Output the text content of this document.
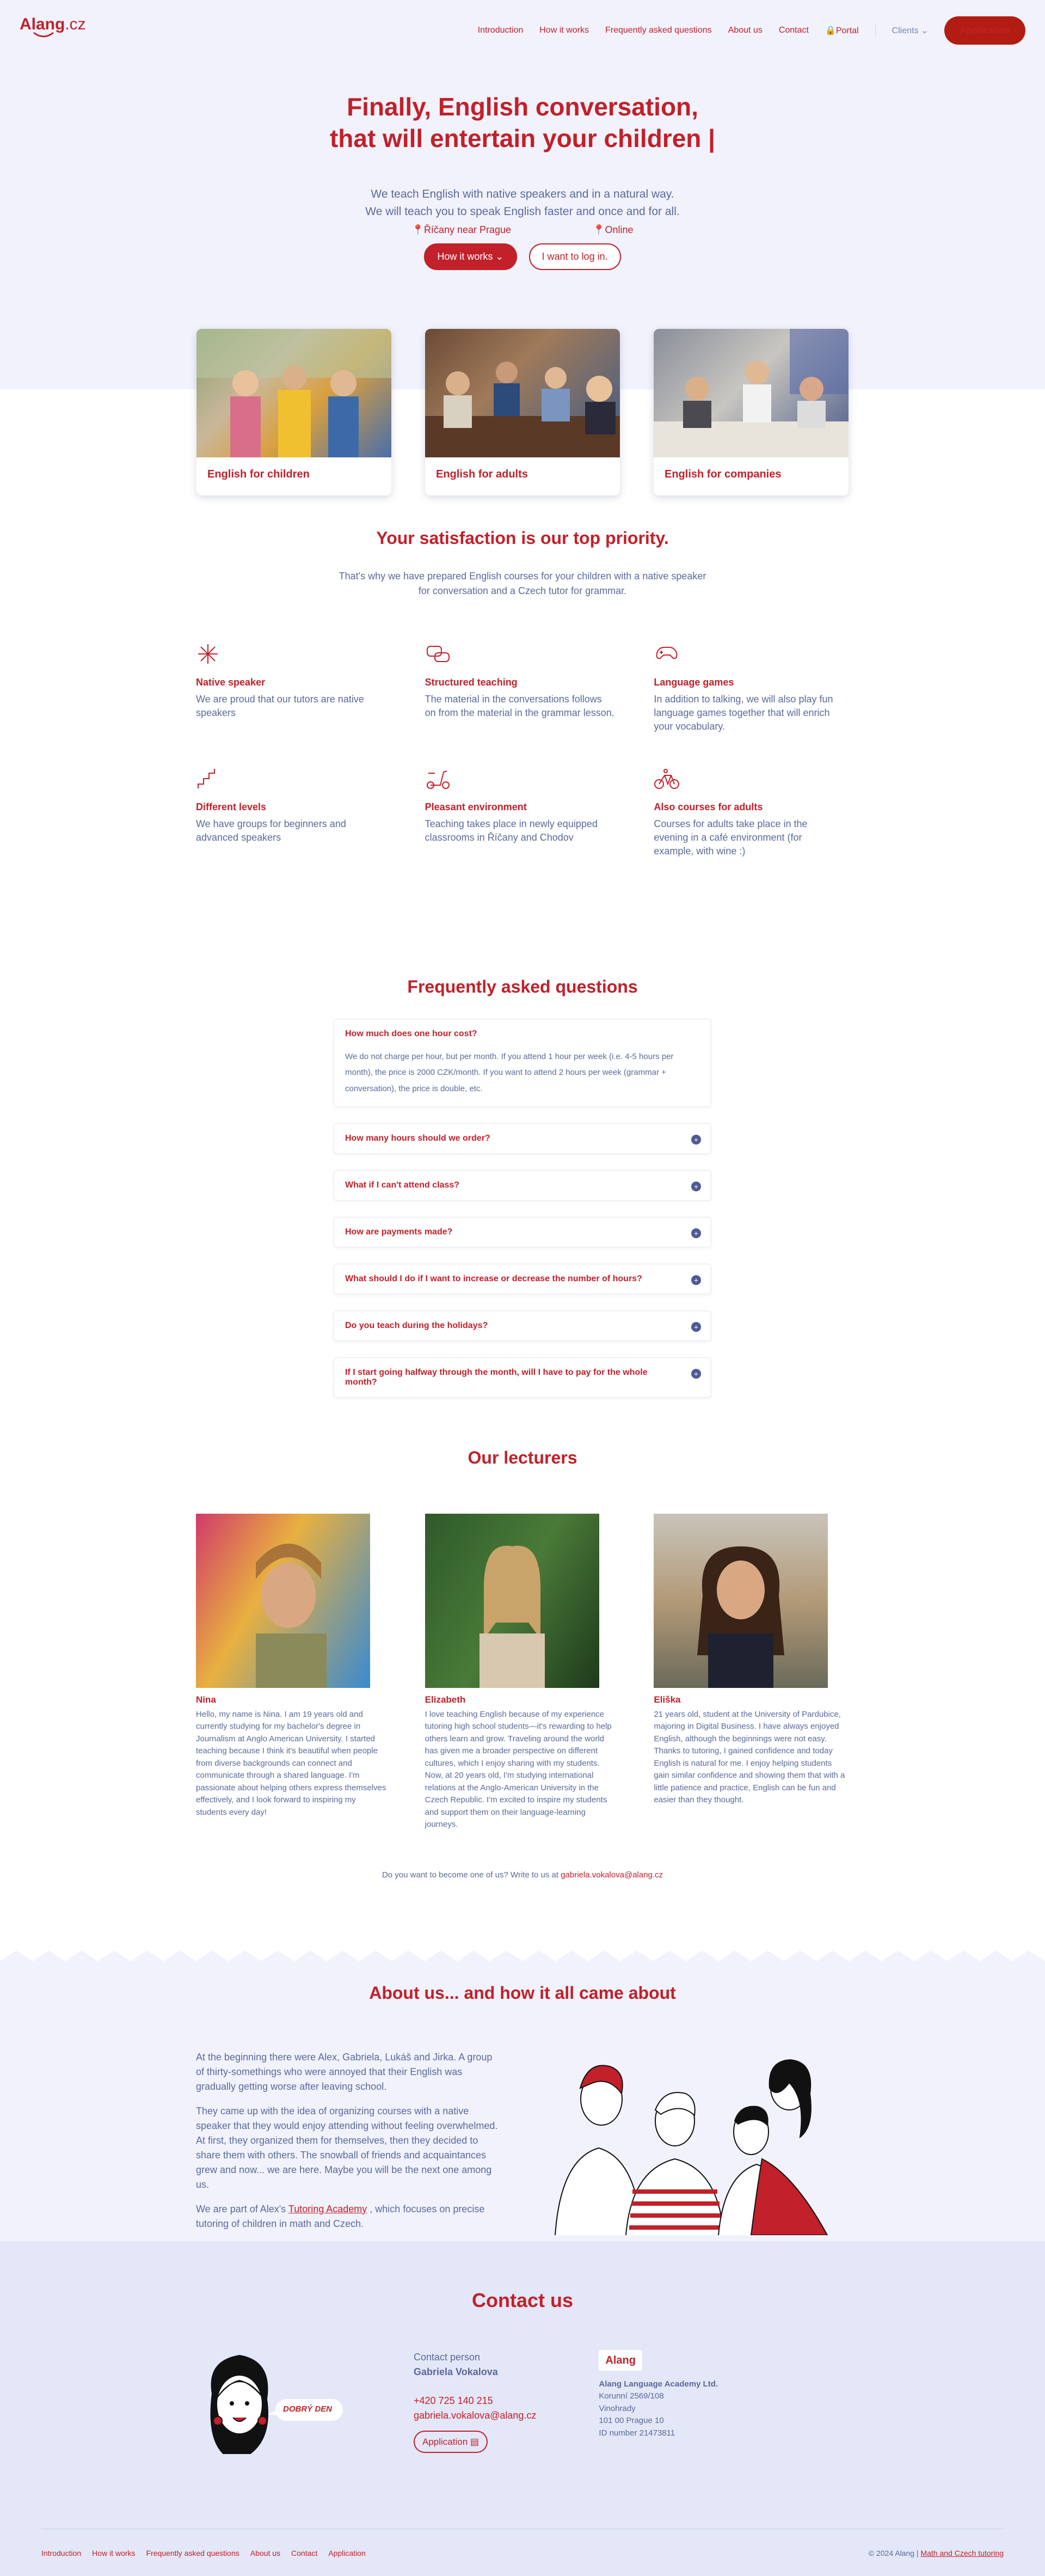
Alang.cz	Introduction How it works Frequently asked questions About us Contact 🔒Portal	Clients ⌄	Application
Finally, English conversation,
that will entertain your children |

We teach English with native speakers and in a natural way.
We will teach you to speak English faster and once and for all.

📍Říčany near Prague	📍Online
How it works ⌄	I want to log in.
English for children	English for adults	English for companies
Your satisfaction is our top priority.

That's why we have prepared English courses for your children with a native speaker for conversation and a Czech tutor for grammar.

Native speaker

We are proud that our tutors are native speakers

Structured teaching

The material in the conversations follows on from the material in the grammar lesson.

Language games

In addition to talking, we will also play fun language games together that will enrich your vocabulary.

Different levels

We have groups for beginners and advanced speakers

Pleasant environment

Teaching takes place in newly equipped classrooms in Říčany and Chodov

Also courses for adults

Courses for adults take place in the evening in a café environment (for example, with wine :)

Frequently asked questions
How much does one hour cost?
We do not charge per hour, but per month. If you attend 1 hour per week (i.e. 4-5 hours per month), the price is 2000 CZK/month. If you want to attend 2 hours per week (grammar + conversation), the price is double, etc.
How many hours should we order?	+
What if I can't attend class?	+
How are payments made?	+
What should I do if I want to increase or decrease the number of hours?	+
Do you teach during the holidays?	+
If I start going halfway through the month, will I have to pay for the whole month?
+
Our lecturers
Nina

Hello, my name is Nina. I am 19 years old and currently studying for my bachelor's degree in Journalism at Anglo American University. I started teaching because I think it's beautiful when people from diverse backgrounds can connect and communicate through a shared language. I'm passionate about helping others express themselves effectively, and I look forward to inspiring my students every day!

Elizabeth

I love teaching English because of my experience tutoring high school students—it's rewarding to help others learn and grow. Traveling around the world has given me a broader perspective on different cultures, which I enjoy sharing with my students. Now, at 20 years old, I'm studying international relations at the Anglo-American University in the Czech Republic. I'm excited to inspire my students and support them on their language-learning journeys.

Eliška

21 years old, student at the University of Pardubice, majoring in Digital Business. I have always enjoyed English, although the beginnings were not easy. Thanks to tutoring, I gained confidence and today English is natural for me. I enjoy helping students gain similar confidence and showing them that with a little patience and practice, English can be fun and easier than they thought.

Do you want to become one of us? Write to us at gabriela.vokalova@alang.cz

About us... and how it all came about

At the beginning there were Alex, Gabriela, Lukáš and Jirka. A group of thirty-somethings who were annoyed that their English was gradually getting worse after leaving school.

They came up with the idea of organizing courses with a native speaker that they would enjoy attending without feeling overwhelmed. At first, they organized them for themselves, then they decided to share them with others. The snowball of friends and acquaintances grew and now... we are here. Maybe you will be the next one among us.

We are part of Alex's Tutoring Academy , which focuses on precise tutoring of children in math and Czech.

Contact us
DOBRÝ DEN
Contact person
Gabriela Vokalova
+420 725 140 215
gabriela.vokalova@alang.cz
Application ▤
Alang
Alang Language Academy Ltd.
Korunní 2569/108
Vinohrady
101 00 Prague 10
ID number 21473811
Introduction How it works Frequently asked questions About us Contact Application	© 2024 Alang | Math and Czech tutoring
